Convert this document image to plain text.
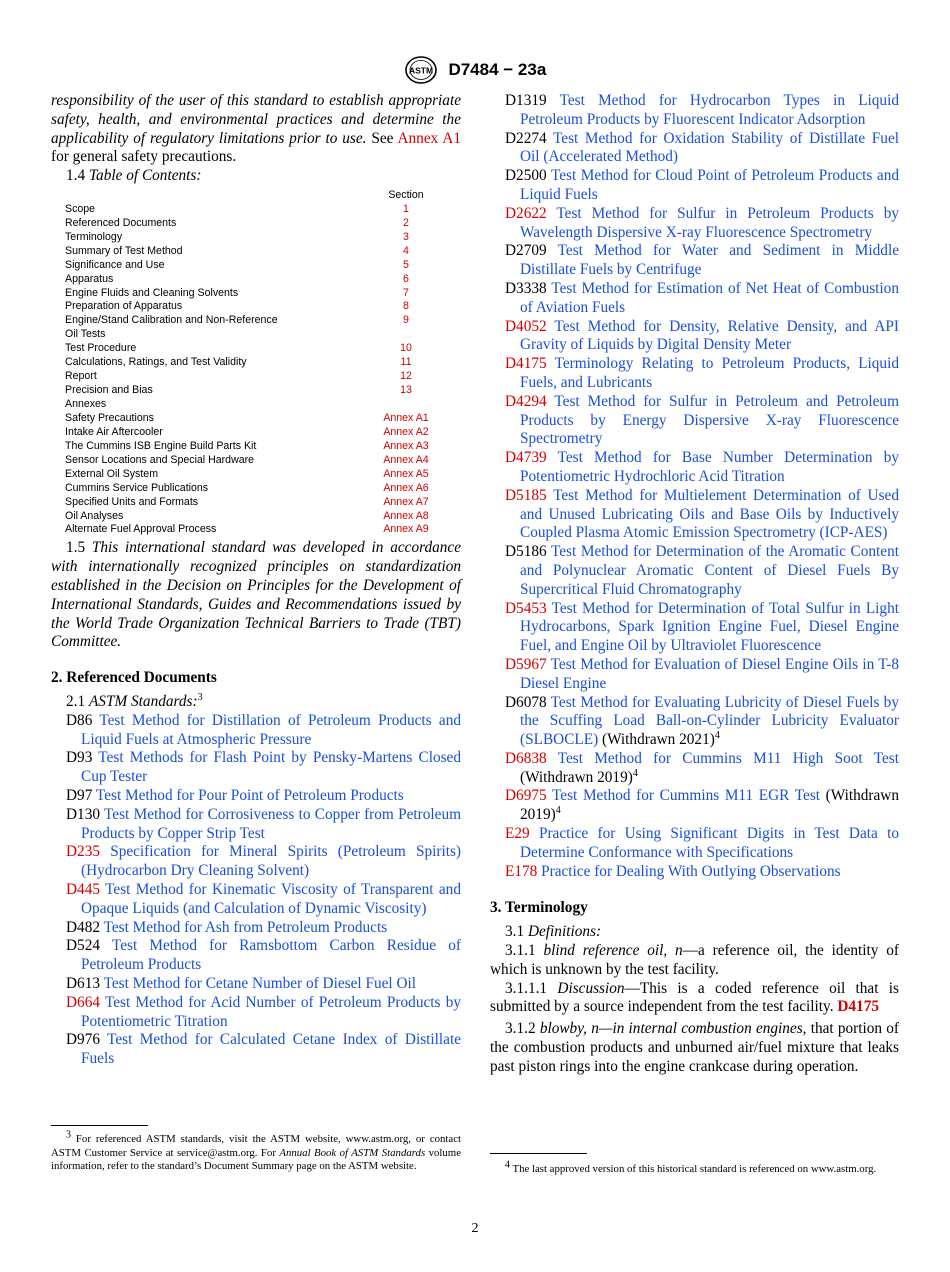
ASTM D7484 − 23a

responsibility of the user of this standard to establish appropriate safety, health, and environmental practices and determine the applicability of regulatory limitations prior to use. See Annex A1 for general safety precautions.

1.4 Table of Contents:

Section
Scope	1
Referenced Documents	2
Terminology	3
Summary of Test Method	4
Significance and Use	5
Apparatus	6
Engine Fluids and Cleaning Solvents	7
Preparation of Apparatus	8
Engine/Stand Calibration and Non-Reference	9
Oil Tests
Test Procedure	10
Calculations, Ratings, and Test Validity	11
Report	12
Precision and Bias	13
Annexes
Safety Precautions	Annex A1
Intake Air Aftercooler	Annex A2
The Cummins ISB Engine Build Parts Kit	Annex A3
Sensor Locations and Special Hardware	Annex A4
External Oil System	Annex A5
Cummins Service Publications	Annex A6
Specified Units and Formats	Annex A7
Oil Analyses	Annex A8
Alternate Fuel Approval Process	Annex A9

1.5 This international standard was developed in accordance with internationally recognized principles on standardization established in the Decision on Principles for the Development of International Standards, Guides and Recommendations issued by the World Trade Organization Technical Barriers to Trade (TBT) Committee.

2. Referenced Documents

2.1 ASTM Standards:$^3$

D86 Test Method for Distillation of Petroleum Products and Liquid Fuels at Atmospheric Pressure

D93 Test Methods for Flash Point by Pensky-Martens Closed Cup Tester

D97 Test Method for Pour Point of Petroleum Products

D130 Test Method for Corrosiveness to Copper from Petroleum Products by Copper Strip Test

D235 Specification for Mineral Spirits (Petroleum Spirits) (Hydrocarbon Dry Cleaning Solvent)

D445 Test Method for Kinematic Viscosity of Transparent and Opaque Liquids (and Calculation of Dynamic Viscosity)

D482 Test Method for Ash from Petroleum Products

D524 Test Method for Ramsbottom Carbon Residue of Petroleum Products

D613 Test Method for Cetane Number of Diesel Fuel Oil

D664 Test Method for Acid Number of Petroleum Products by Potentiometric Titration

D976 Test Method for Calculated Cetane Index of Distillate Fuels

$^3$ For referenced ASTM standards, visit the ASTM website, www.astm.org, or contact ASTM Customer Service at service@astm.org. For Annual Book of ASTM Standards volume information, refer to the standard’s Document Summary page on the ASTM website.

D1319 Test Method for Hydrocarbon Types in Liquid Petroleum Products by Fluorescent Indicator Adsorption

D2274 Test Method for Oxidation Stability of Distillate Fuel Oil (Accelerated Method)

D2500 Test Method for Cloud Point of Petroleum Products and Liquid Fuels

D2622 Test Method for Sulfur in Petroleum Products by Wavelength Dispersive X-ray Fluorescence Spectrometry

D2709 Test Method for Water and Sediment in Middle Distillate Fuels by Centrifuge

D3338 Test Method for Estimation of Net Heat of Combustion of Aviation Fuels

D4052 Test Method for Density, Relative Density, and API Gravity of Liquids by Digital Density Meter

D4175 Terminology Relating to Petroleum Products, Liquid Fuels, and Lubricants

D4294 Test Method for Sulfur in Petroleum and Petroleum Products by Energy Dispersive X-ray Fluorescence Spectrometry

D4739 Test Method for Base Number Determination by Potentiometric Hydrochloric Acid Titration

D5185 Test Method for Multielement Determination of Used and Unused Lubricating Oils and Base Oils by Inductively Coupled Plasma Atomic Emission Spectrometry (ICP-AES)

D5186 Test Method for Determination of the Aromatic Content and Polynuclear Aromatic Content of Diesel Fuels By Supercritical Fluid Chromatography

D5453 Test Method for Determination of Total Sulfur in Light Hydrocarbons, Spark Ignition Engine Fuel, Diesel Engine Fuel, and Engine Oil by Ultraviolet Fluorescence

D5967 Test Method for Evaluation of Diesel Engine Oils in T-8 Diesel Engine

D6078 Test Method for Evaluating Lubricity of Diesel Fuels by the Scuffing Load Ball-on-Cylinder Lubricity Evaluator (SLBOCLE) (Withdrawn 2021)$^4$

D6838 Test Method for Cummins M11 High Soot Test (Withdrawn 2019)$^4$

D6975 Test Method for Cummins M11 EGR Test (Withdrawn 2019)$^4$

E29 Practice for Using Significant Digits in Test Data to Determine Conformance with Specifications

E178 Practice for Dealing With Outlying Observations

3. Terminology

3.1 Definitions:

3.1.1 blind reference oil, n—a reference oil, the identity of which is unknown by the test facility.

3.1.1.1 Discussion—This is a coded reference oil that is submitted by a source independent from the test facility. D4175

3.1.2 blowby, n—in internal combustion engines, that portion of the combustion products and unburned air/fuel mixture that leaks past piston rings into the engine crankcase during operation.

$^4$ The last approved version of this historical standard is referenced on www.astm.org.

2
